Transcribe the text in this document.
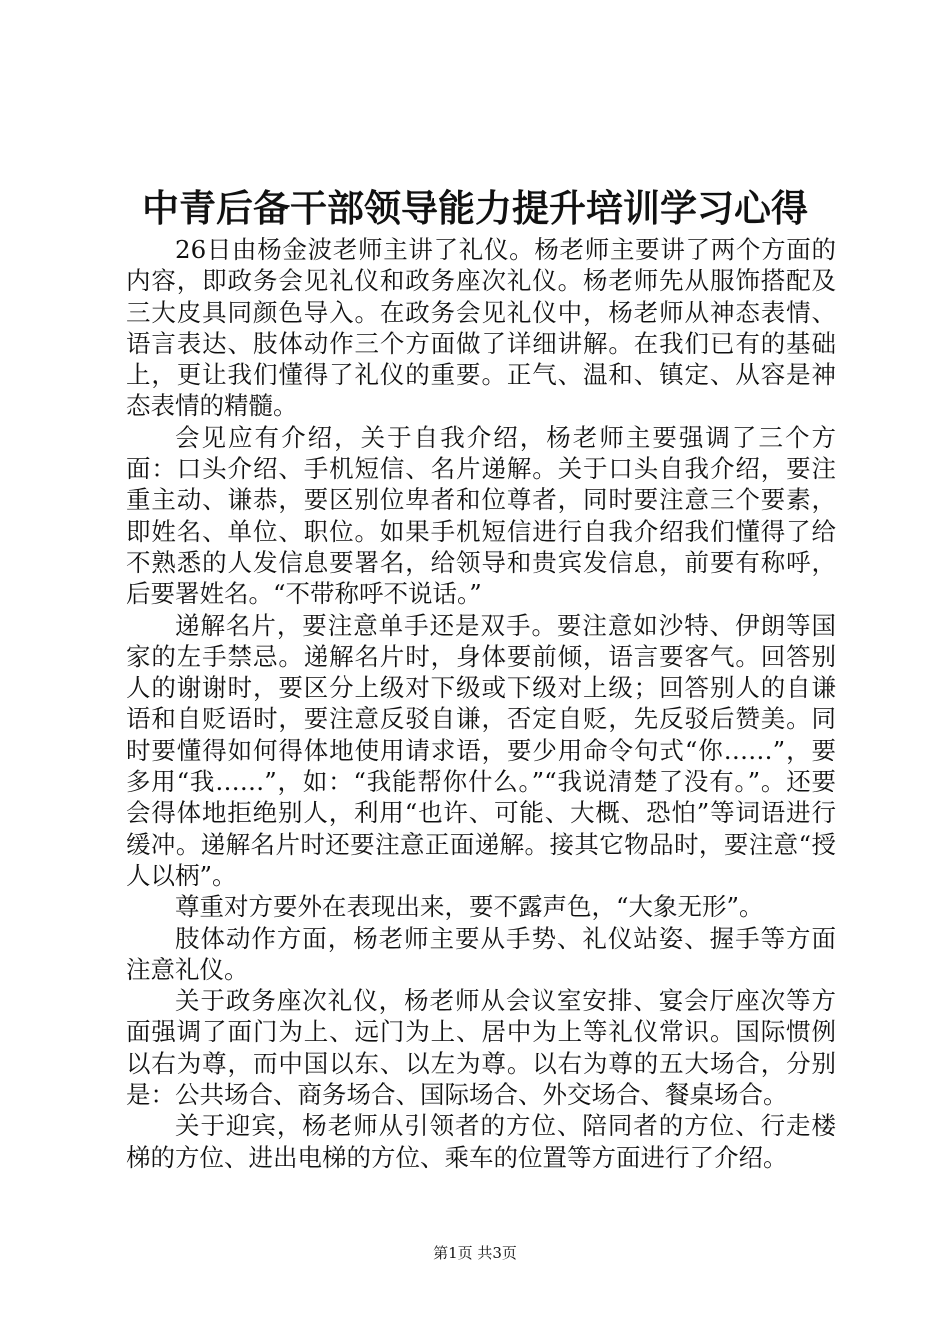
中青后备干部领导能力提升培训学习心得

26日由杨金波老师主讲了礼仪。杨老师主要讲了两个方面的内容，即政务会见礼仪和政务座次礼仪。杨老师先从服饰搭配及三大皮具同颜色导入。在政务会见礼仪中，杨老师从神态表情、语言表达、肢体动作三个方面做了详细讲解。在我们已有的基础上，更让我们懂得了礼仪的重要。正气、温和、镇定、从容是神态表情的精髓。

会见应有介绍，关于自我介绍，杨老师主要强调了三个方面：口头介绍、手机短信、名片递解。关于口头自我介绍，要注重主动、谦恭，要区别位卑者和位尊者，同时要注意三个要素，即姓名、单位、职位。如果手机短信进行自我介绍我们懂得了给不熟悉的人发信息要署名，给领导和贵宾发信息，前要有称呼，后要署姓名。“不带称呼不说话。”

递解名片，要注意单手还是双手。要注意如沙特、伊朗等国家的左手禁忌。递解名片时，身体要前倾，语言要客气。回答别人的谢谢时，要区分上级对下级或下级对上级；回答别人的自谦语和自贬语时，要注意反驳自谦，否定自贬，先反驳后赞美。同时要懂得如何得体地使用请求语，要少用命令句式“你……”，要多用“我……”，如：“我能帮你什么。”“我说清楚了没有。”。还要会得体地拒绝别人，利用“也许、可能、大概、恐怕”等词语进行缓冲。递解名片时还要注意正面递解。接其它物品时，要注意“授人以柄”。

尊重对方要外在表现出来，要不露声色，“大象无形”。

肢体动作方面，杨老师主要从手势、礼仪站姿、握手等方面注意礼仪。

关于政务座次礼仪，杨老师从会议室安排、宴会厅座次等方面强调了面门为上、远门为上、居中为上等礼仪常识。国际惯例以右为尊，而中国以东、以左为尊。以右为尊的五大场合，分别是：公共场合、商务场合、国际场合、外交场合、餐桌场合。

关于迎宾，杨老师从引领者的方位、陪同者的方位、行走楼梯的方位、进出电梯的方位、乘车的位置等方面进行了介绍。

第1页 共3页
